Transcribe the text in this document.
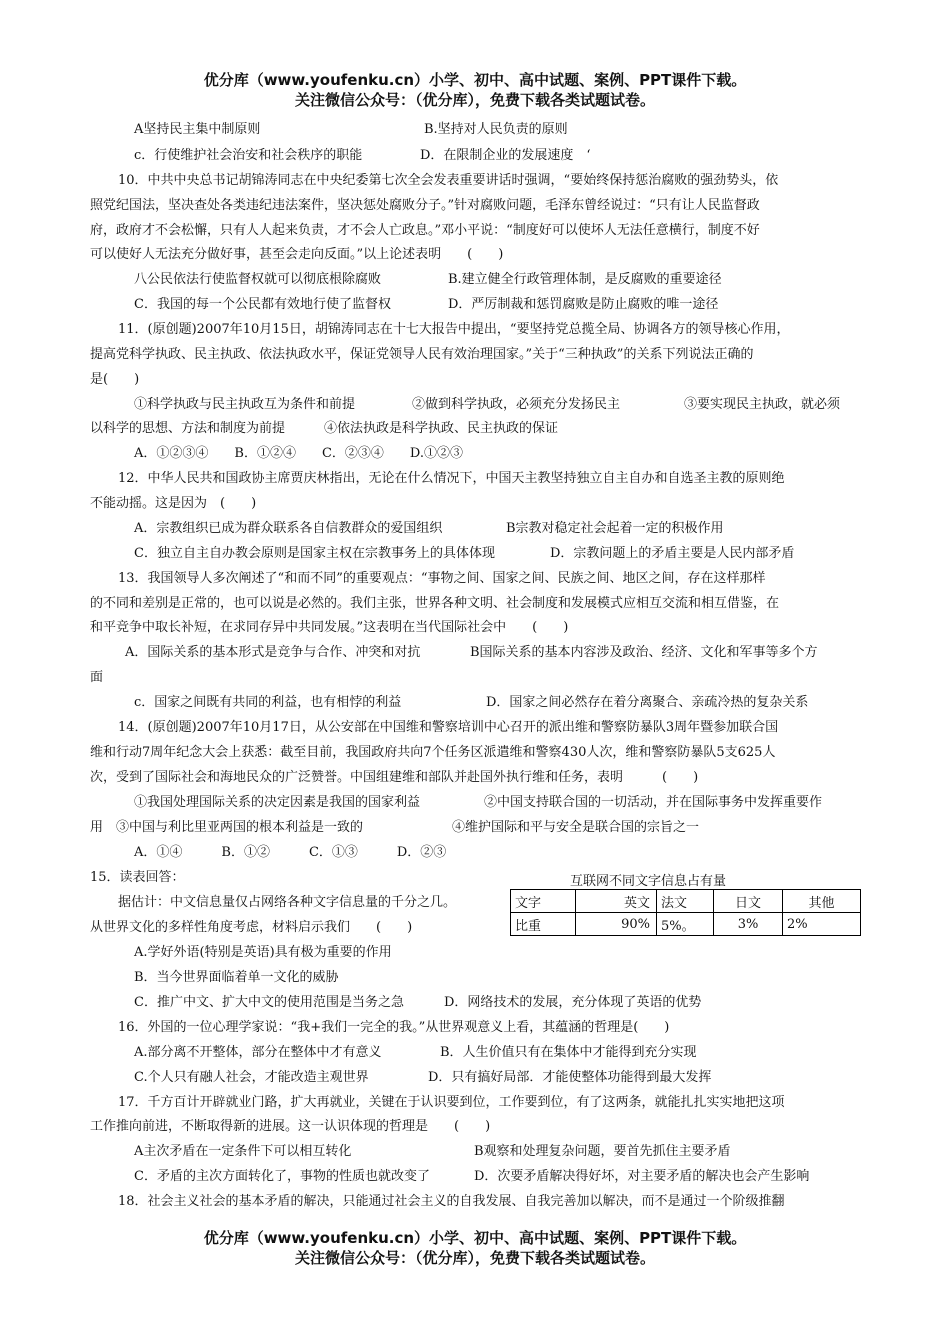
优分库（www.youfenku.cn）小学、初中、高中试题、案例、PPT课件下载。
关注微信公众号：（优分库），免费下载各类试题试卷。
A坚持民主集中制原则	B.坚持对人民负责的原则
c．行使维护社会治安和社会秩序的职能	D．在限制企业的发展速度　‘
10．中共中央总书记胡锦涛同志在中央纪委第七次全会发表重要讲话时强调，“要始终保持惩治腐败的强劲势头，依
照党纪国法，坚决查处各类违纪违法案件，坚决惩处腐败分子。”针对腐败问题，毛泽东曾经说过：“只有让人民监督政
府，政府才不会松懈，只有人人起来负责，才不会人亡政息。”邓小平说：“制度好可以使坏人无法任意横行，制度不好
可以使好人无法充分做好事，甚至会走向反面。”以上论述表明　　(　　)
八公民依法行使监督权就可以彻底根除腐败	B.建立健全行政管理体制，是反腐败的重要途径
C．我国的每一个公民都有效地行使了监督权	D．严厉制裁和惩罚腐败是防止腐败的唯一途径
11．(原创题)2007年10月15日，胡锦涛同志在十七大报告中提出，“要坚持党总揽全局、协调各方的领导核心作用，
提高党科学执政、民主执政、依法执政水平，保证党领导人民有效治理国家。”关于“三种执政”的关系下列说法正确的
是(　　)
①科学执政与民主执政互为条件和前提	②做到科学执政，必须充分发扬民主	③要实现民主执政，就必须
以科学的思想、方法和制度为前提　　　④依法执政是科学执政、民主执政的保证
A．①②③④　　B．①②④　　C．②③④　　D.①②③
12．中华人民共和国政协主席贾庆林指出，无论在什么情况下，中国天主教坚持独立自主自办和自选圣主教的原则绝
不能动摇。这是因为　(　　)
A．宗教组织已成为群众联系各自信教群众的爱国组织	B宗教对稳定社会起着一定的积极作用
C．独立自主自办教会原则是国家主权在宗教事务上的具体体现	D．宗教问题上的矛盾主要是人民内部矛盾
13．我国领导人多次阐述了“和而不同”的重要观点：“事物之间、国家之间、民族之间、地区之间，存在这样那样
的不同和差别是正常的，也可以说是必然的。我们主张，世界各种文明、社会制度和发展模式应相互交流和相互借鉴，在
和平竞争中取长补短，在求同存异中共同发展。”这表明在当代国际社会中　　(　　)
A．国际关系的基本形式是竞争与合作、冲突和对抗	B国际关系的基本内容涉及政治、经济、文化和军事等多个方
面
c．国家之间既有共同的利益，也有相悖的利益	D．国家之间必然存在着分离聚合、亲疏冷热的复杂关系
14．(原创题)2007年10月17日，从公安部在中国维和警察培训中心召开的派出维和警察防暴队3周年暨参加联合国
维和行动7周年纪念大会上获悉：截至目前，我国政府共向7个任务区派遣维和警察430人次，维和警察防暴队5支625人
次，受到了国际社会和海地民众的广泛赞誉。中国组建维和部队并赴国外执行维和任务，表明　　　(　　)
①我国处理国际关系的决定因素是我国的国家利益	②中国支持联合国的一切活动，并在国际事务中发挥重要作
用　③中国与利比里亚两国的根本利益是一致的	④维护国际和平与安全是联合国的宗旨之一
A．①④　　　B．①②　　　C．①③　　　D．②③
15．读表回答：
据估计：中文信息量仅占网络各种文字信息量的千分之几。
从世界文化的多样性角度考虑，材料启示我们　　(　　)
A.学好外语(特别是英语)具有极为重要的作用
B．当今世界面临着单一文化的威胁
C．推广中文、扩大中文的使用范围是当务之急	D．网络技术的发展，充分体现了英语的优势
互联网不同文字信息占有量
文字	英文	法文	日文	其他
比重	90%	5%。	3%	2%
16．外国的一位心理学家说：“我+我们一完全的我。”从世界观意义上看，其蕴涵的哲理是(　　)
A.部分离不开整体，部分在整体中才有意义	B．人生价值只有在集体中才能得到充分实现
C.个人只有融人社会，才能改造主观世界	D．只有搞好局部．才能使整体功能得到最大发挥
17．千方百计开辟就业门路，扩大再就业，关键在于认识要到位，工作要到位，有了这两条，就能扎扎实实地把这项
工作推向前进，不断取得新的进展。这一认识体现的哲理是　　(　　)
A主次矛盾在一定条件下可以相互转化	B观察和处理复杂问题，要首先抓住主要矛盾
C．矛盾的主次方面转化了，事物的性质也就改变了	D．次要矛盾解决得好坏，对主要矛盾的解决也会产生影响
18．社会主义社会的基本矛盾的解决，只能通过社会主义的自我发展、自我完善加以解决，而不是通过一个阶级推翻
优分库（www.youfenku.cn）小学、初中、高中试题、案例、PPT课件下载。
关注微信公众号：（优分库），免费下载各类试题试卷。
